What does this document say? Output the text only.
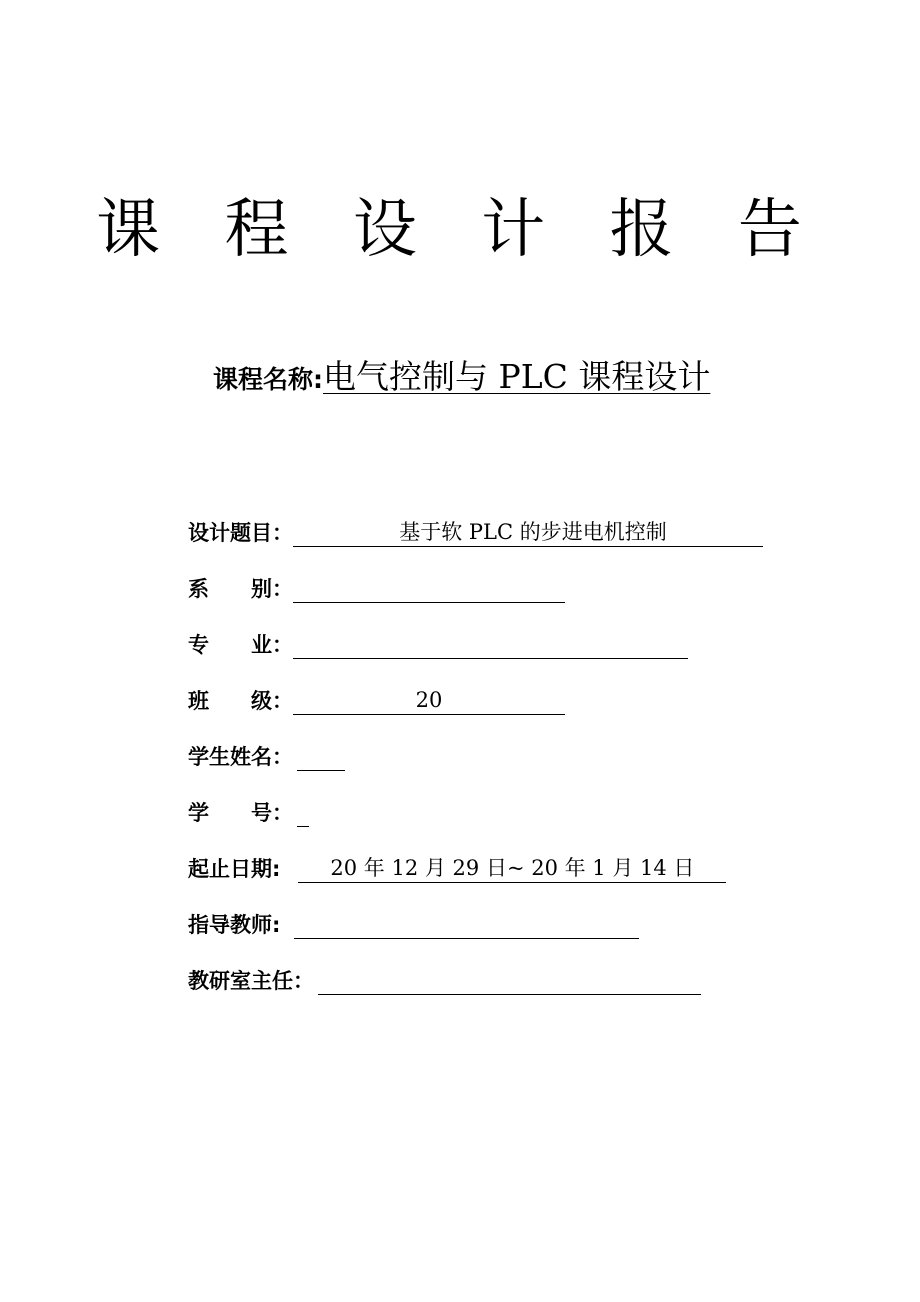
课 程 设 计 报 告
课程名称:电气控制与 PLC 课程设计
设计题目：	基于软 PLC 的步进电机控制
系　　别：
专　　业：
班　　级：	20
学生姓名：
学　　号：
起止日期: 20 年 12 月 29 日~ 20 年 1 月 14 日
指导教师:
教研室主任：
